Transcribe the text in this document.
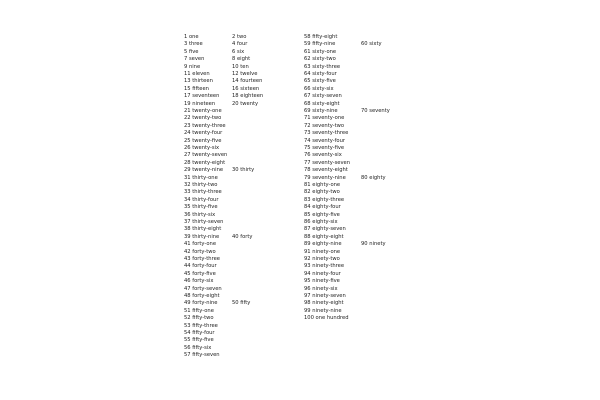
1 one
3 three
5 five
7 seven
9 nine
11 eleven
13 thirteen
15 fifteen
17 seventeen
19 nineteen
21 twenty-one
22 twenty-two
23 twenty-three
24 twenty-four
25 twenty-five
26 twenty-six
27 twenty-seven
28 twenty-eight
29 twenty-nine
31 thirty-one
32 thirty-two
33 thirty-three
34 thirty-four
35 thirty-five
36 thirty-six
37 thirty-seven
38 thirty-eight
39 thirty-nine
41 forty-one
42 forty-two
43 forty-three
44 forty-four
45 forty-five
46 forty-six
47 forty-seven
48 forty-eight
49 forty-nine
51 fifty-one
52 fifty-two
53 fifty-three
54 fifty-four
55 fifty-five
56 fifty-six
57 fifty-seven
2 two
4 four
6 six
8 eight
10 ten
12 twelve
14 fourteen
16 sixteen
18 eighteen
20 twenty
30 thirty
40 forty
50 fifty
58 fifty-eight
59 fifty-nine
61 sixty-one
62 sixty-two
63 sixty-three
64 sixty-four
65 sixty-five
66 sixty-six
67 sixty-seven
68 sixty-eight
69 sixty-nine
71 seventy-one
72 seventy-two
73 seventy-three
74 seventy-four
75 seventy-five
76 seventy-six
77 seventy-seven
78 seventy-eight
79 seventy-nine
81 eighty-one
82 eighty-two
83 eighty-three
84 eighty-four
85 eighty-five
86 eighty-six
87 eighty-seven
88 eighty-eight
89 eighty-nine
91 ninety-one
92 ninety-two
93 ninety-three
94 ninety-four
95 ninety-five
96 ninety-six
97 ninety-seven
98 ninety-eight
99 ninety-nine
100 one hundred
60 sixty
70 seventy
80 eighty
90 ninety
